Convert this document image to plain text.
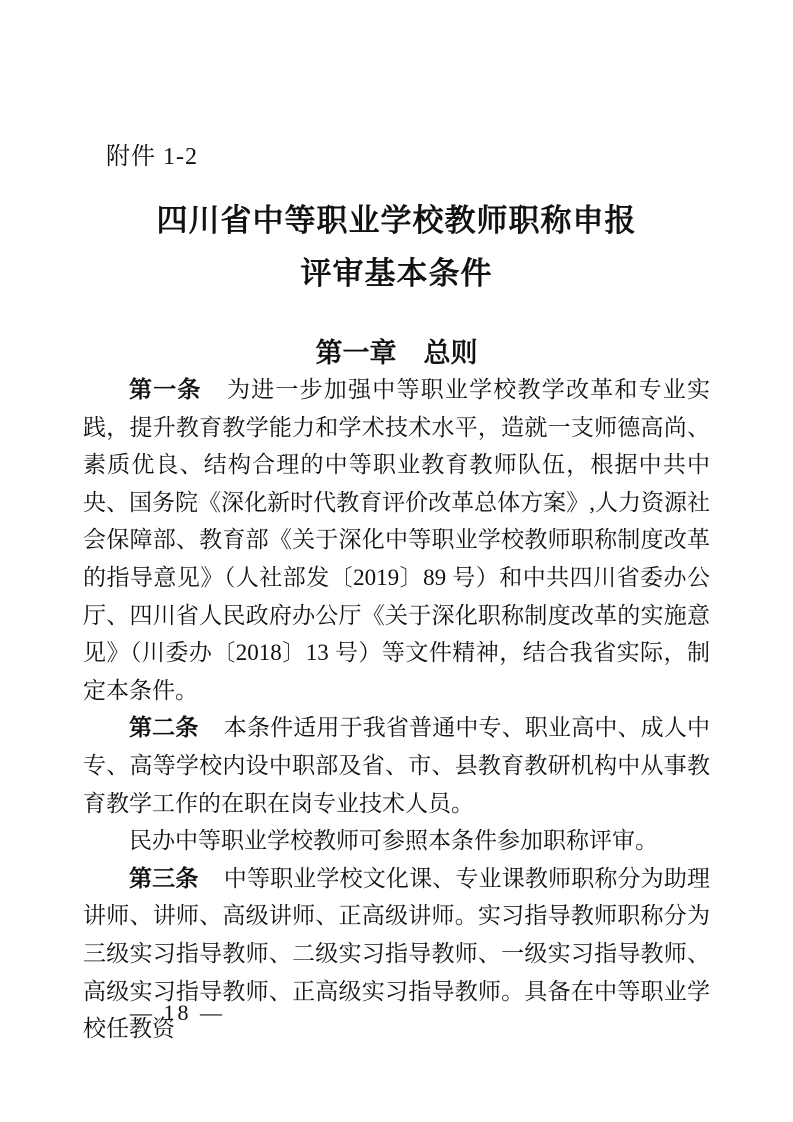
附件 1-2
四川省中等职业学校教师职称申报
评审基本条件
第一章　总则

第一条 为进一步加强中等职业学校教学改革和专业实践，提升教育教学能力和学术技术水平，造就一支师德高尚、素质优良、结构合理的中等职业教育教师队伍，根据中共中央、国务院《深化新时代教育评价改革总体方案》,人力资源社会保障部、教育部《关于深化中等职业学校教师职称制度改革的指导意见》（人社部发〔2019〕89 号）和中共四川省委办公厅、四川省人民政府办公厅《关于深化职称制度改革的实施意见》（川委办〔2018〕13 号）等文件精神，结合我省实际，制定本条件。

第二条 本条件适用于我省普通中专、职业高中、成人中专、高等学校内设中职部及省、市、县教育教研机构中从事教育教学工作的在职在岗专业技术人员。

民办中等职业学校教师可参照本条件参加职称评审。

第三条 中等职业学校文化课、专业课教师职称分为助理讲师、讲师、高级讲师、正高级讲师。实习指导教师职称分为三级实习指导教师、二级实习指导教师、一级实习指导教师、高级实习指导教师、正高级实习指导教师。具备在中等职业学校任教资

— 18 —
